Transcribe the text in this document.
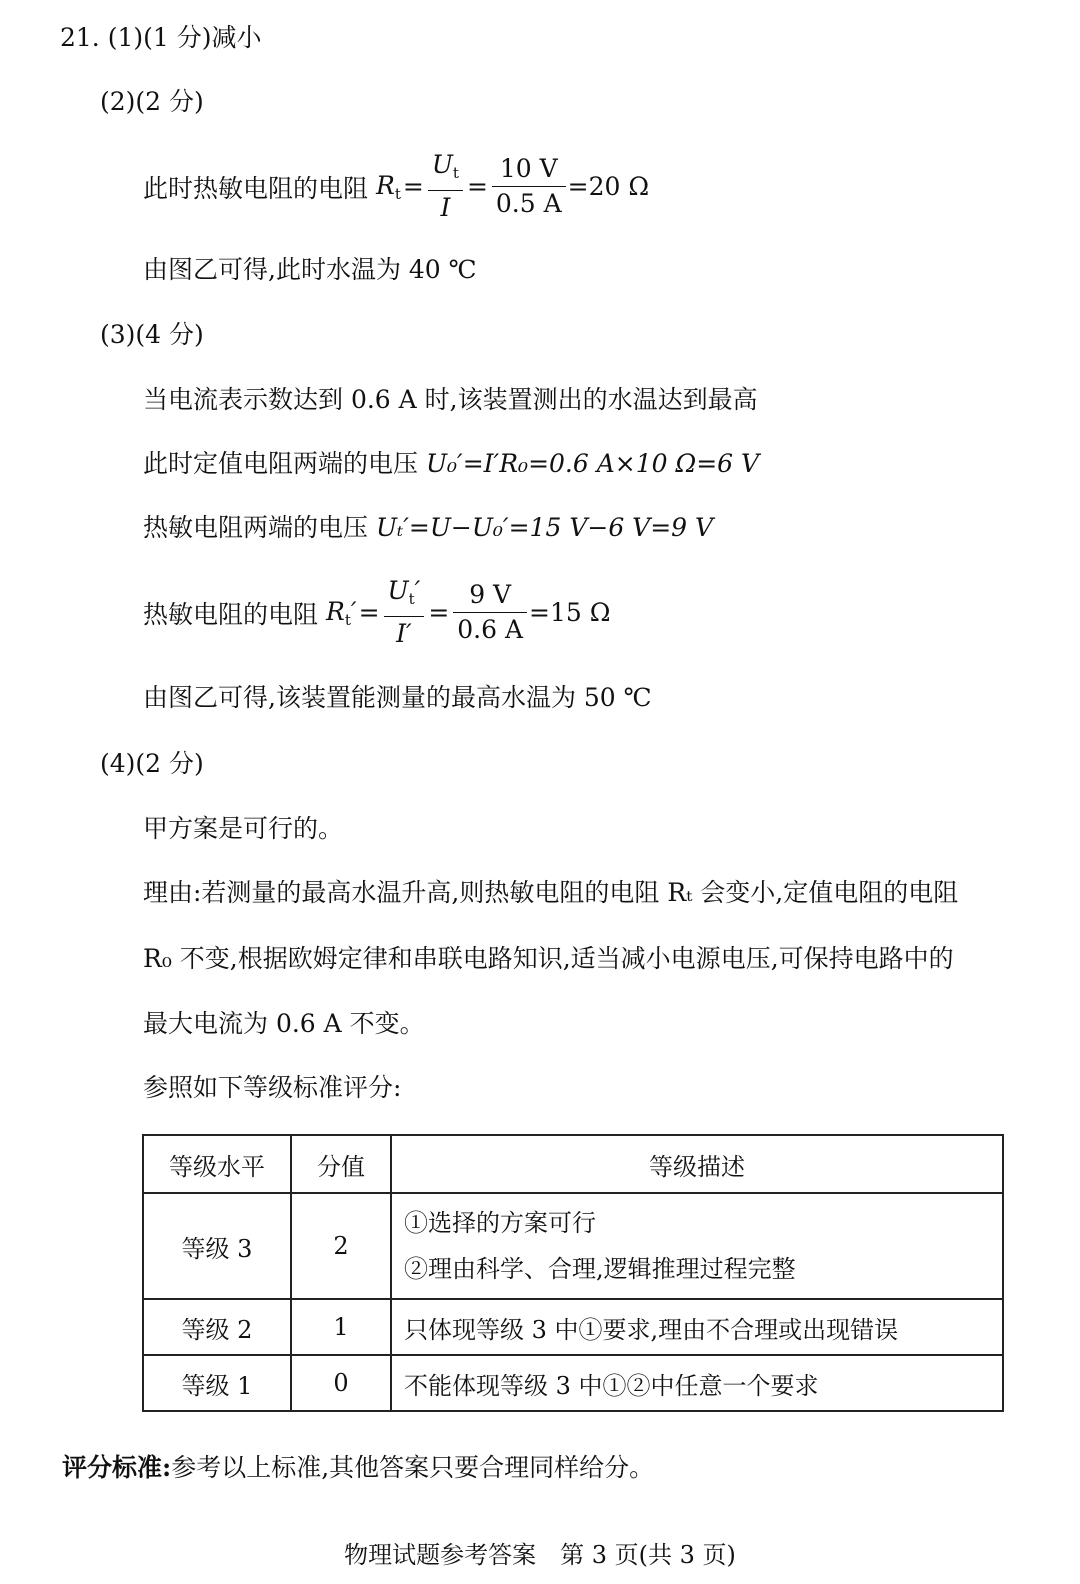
21. (1)(1 分)减小
(2)(2 分)
此时热敏电阻的电阻 $R_t = \frac{U_t}{I} = \frac{10 V}{0.5 A} =20$ Ω
由图乙可得,此时水温为 40 ℃
(3)(4 分)
当电流表示数达到 0.6 A 时,该装置测出的水温达到最高
此时定值电阻两端的电压 U₀′=I′R₀=0.6 A×10 Ω=6 V
热敏电阻两端的电压 Uₜ′=U−U₀′=15 V−6 V=9 V
热敏电阻的电阻 $R_t' = \frac{U_t'}{I'} = \frac{9 V}{0.6 A} =15$ Ω
由图乙可得,该装置能测量的最高水温为 50 ℃
(4)(2 分)
甲方案是可行的。
理由:若测量的最高水温升高,则热敏电阻的电阻 Rₜ 会变小,定值电阻的电阻
R₀ 不变,根据欧姆定律和串联电路知识,适当减小电源电压,可保持电路中的
最大电流为 0.6 A 不变。
参照如下等级标准评分:
等级水平	分值	等级描述
等级 3	2	①选择的方案可行
②理由科学、合理,逻辑推理过程完整

等级 2	1	只体现等级 3 中①要求,理由不合理或出现错误
等级 1	0	不能体现等级 3 中①②中任意一个要求
评分标准:参考以上标准,其他答案只要合理同样给分。
物理试题参考答案　第 3 页(共 3 页)
